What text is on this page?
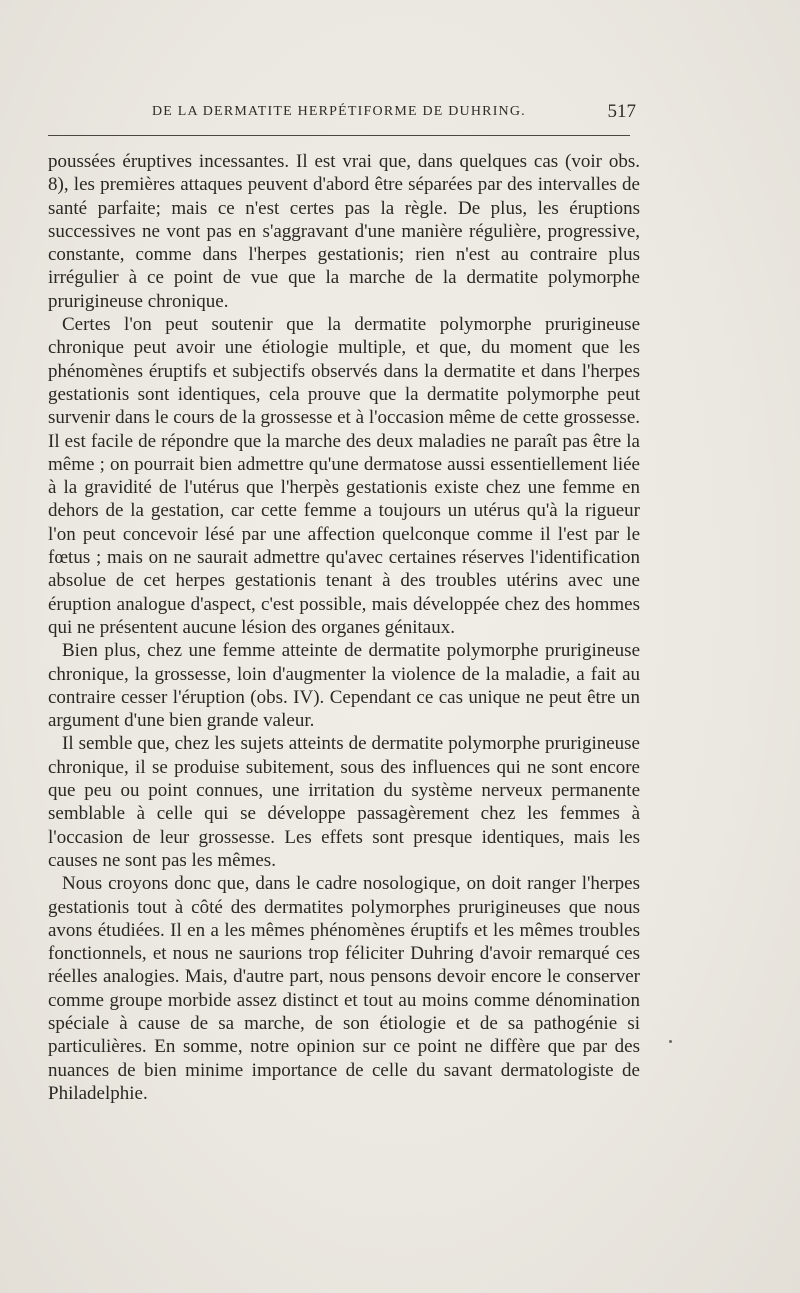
DE LA DERMATITE HERPÉTIFORME DE DUHRING.	517

poussées éruptives incessantes. Il est vrai que, dans quelques cas (voir obs. 8), les premières attaques peuvent d'abord être séparées par des intervalles de santé parfaite; mais ce n'est certes pas la règle. De plus, les éruptions successives ne vont pas en s'aggravant d'une manière régulière, progressive, constante, comme dans l'herpes gestationis; rien n'est au contraire plus irrégulier à ce point de vue que la marche de la dermatite polymorphe prurigineuse chronique.

Certes l'on peut soutenir que la dermatite polymorphe prurigineuse chronique peut avoir une étiologie multiple, et que, du moment que les phénomènes éruptifs et subjectifs observés dans la dermatite et dans l'herpes gestationis sont identiques, cela prouve que la dermatite polymorphe peut survenir dans le cours de la grossesse et à l'occasion même de cette grossesse. Il est facile de répondre que la marche des deux maladies ne paraît pas être la même ; on pourrait bien admettre qu'une dermatose aussi essentiellement liée à la gravidité de l'utérus que l'herpès gestationis existe chez une femme en dehors de la gestation, car cette femme a toujours un utérus qu'à la rigueur l'on peut concevoir lésé par une affection quelconque comme il l'est par le fœtus ; mais on ne saurait admettre qu'avec certaines réserves l'identification absolue de cet herpes gestationis tenant à des troubles utérins avec une éruption analogue d'aspect, c'est possible, mais développée chez des hommes qui ne présentent aucune lésion des organes génitaux.

Bien plus, chez une femme atteinte de dermatite polymorphe prurigineuse chronique, la grossesse, loin d'augmenter la violence de la maladie, a fait au contraire cesser l'éruption (obs. IV). Cependant ce cas unique ne peut être un argument d'une bien grande valeur.

Il semble que, chez les sujets atteints de dermatite polymorphe prurigineuse chronique, il se produise subitement, sous des influences qui ne sont encore que peu ou point connues, une irritation du système nerveux permanente semblable à celle qui se développe passagèrement chez les femmes à l'occasion de leur grossesse. Les effets sont presque identiques, mais les causes ne sont pas les mêmes.

Nous croyons donc que, dans le cadre nosologique, on doit ranger l'herpes gestationis tout à côté des dermatites polymorphes prurigineuses que nous avons étudiées. Il en a les mêmes phénomènes éruptifs et les mêmes troubles fonctionnels, et nous ne saurions trop féliciter Duhring d'avoir remarqué ces réelles analogies. Mais, d'autre part, nous pensons devoir encore le conserver comme groupe morbide assez distinct et tout au moins comme dénomination spéciale à cause de sa marche, de son étiologie et de sa pathogénie si particulières. En somme, notre opinion sur ce point ne diffère que par des nuances de bien minime importance de celle du savant dermatologiste de Philadelphie.
